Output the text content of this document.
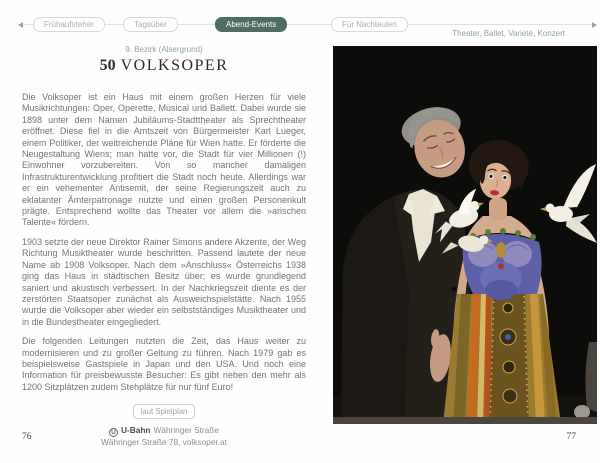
Frühaufsteher	Tagsüber	Abend-Events	Für Nachteulen
Theater, Ballet, Varieté, Konzert
9. Bezirk (Alsergrund)
50 VOLKSOPER

Die Volksoper ist ein Haus mit einem großen Herzen für viele Musikrichtungen: Oper, Operette, Musical und Ballett. Dabei wurde sie 1898 unter dem Namen Jubiläums-Stadttheater als Sprechtheater eröffnet. Diese fiel in die Amtszeit von Bürgermeister Karl Lueger, einem Politiker, der weitreichende Pläne für Wien hatte. Er förderte die Neugestaltung Wiens; man hatte vor, die Stadt für vier Millionen (!) Einwohner vorzubereiten. Von so mancher damaligen Infrastrukturentwicklung profitiert die Stadt noch heute. Allerdings war er ein vehementer Antisemit, der seine Regierungszeit auch zu eklatanter Ämterpatronage nutzte und einen großen Personenkult prägte. Entsprechend wollte das Theater vor allem die »arischen Talente« fördern.

1903 setzte der neue Direktor Rainer Simons andere Akzente, der Weg Richtung Musiktheater wurde beschritten. Passend lautete der neue Name ab 1908 Volksoper. Nach dem »Anschluss« Österreichs 1938 ging das Haus in städtischen Besitz über; es wurde grundlegend saniert und akustisch verbessert. In der Nachkriegszeit diente es der zerstörten Staatsoper zunächst als Ausweichspielstätte. Nach 1955 wurde die Volksoper aber wieder ein selbstständiges Musiktheater und in die Bundestheater eingegliedert.

Die folgenden Leitungen nutzten die Zeit, das Haus weiter zu modernisieren und zu großer Geltung zu führen. Nach 1979 gab es beispielsweise Gastspiele in Japan und den USA. Und noch eine Information für preisbewusste Besucher: Es gibt neben den mehr als 1200 Sitzplätzen zudem Stehplätze für nur fünf Euro!

laut Spielplan
U U-Bahn Währinger Straße
Währinger Straße 78, volksoper.at
76	77
